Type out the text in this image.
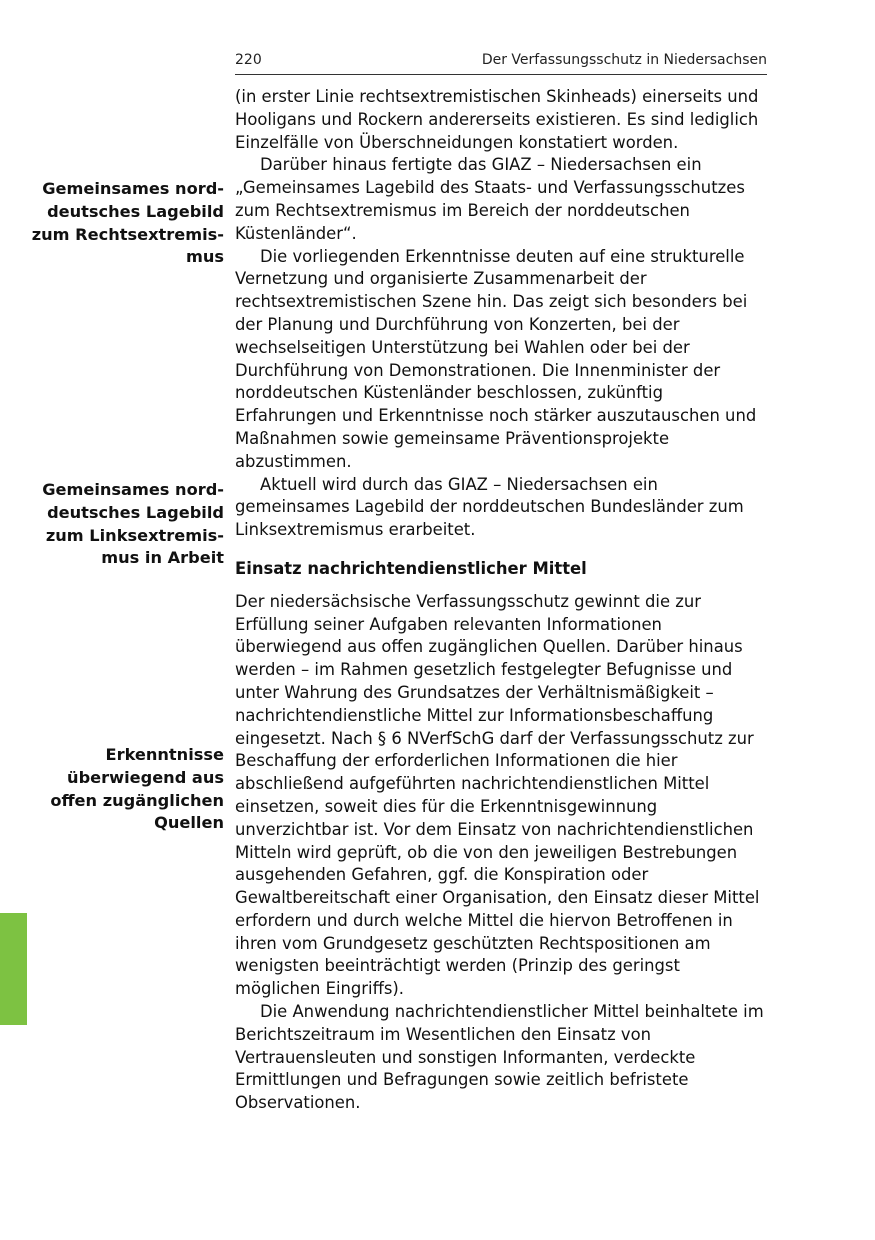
220	Der Verfassungsschutz in Niedersachsen
Gemeinsames nord-
deutsches Lagebild
zum Rechtsextremis-
mus
Gemeinsames nord-
deutsches Lagebild
zum Linksextremis-
mus in Arbeit
Erkenntnisse
überwiegend aus
offen zugänglichen
Quellen

(in erster Linie rechtsextremistischen Skinheads) einerseits und Hooligans und Rockern andererseits existieren. Es sind lediglich Einzelfälle von Überschneidungen konstatiert worden.

Darüber hinaus fertigte das GIAZ – Niedersachsen ein „Gemeinsames Lagebild des Staats- und Verfassungsschutzes zum Rechtsextremismus im Bereich der norddeutschen Küstenländer“.

Die vorliegenden Erkenntnisse deuten auf eine strukturelle Vernetzung und organisierte Zusammenarbeit der rechtsextremistischen Szene hin. Das zeigt sich besonders bei der Planung und Durchführung von Konzerten, bei der wechselseitigen Unterstützung bei Wahlen oder bei der Durchführung von Demonstrationen. Die Innenminister der norddeutschen Küstenländer beschlossen, zukünftig Erfahrungen und Erkenntnisse noch stärker auszutauschen und Maßnahmen sowie gemeinsame Präventionsprojekte abzustimmen.

Aktuell wird durch das GIAZ – Niedersachsen ein gemeinsames Lagebild der norddeutschen Bundesländer zum Linksextremismus erarbeitet.

Einsatz nachrichtendienstlicher Mittel

Der niedersächsische Verfassungsschutz gewinnt die zur Erfüllung seiner Aufgaben relevanten Informationen überwiegend aus offen zugänglichen Quellen. Darüber hinaus werden – im Rahmen gesetzlich festgelegter Befugnisse und unter Wahrung des Grundsatzes der Verhältnismäßigkeit – nachrichtendienstliche Mittel zur Informationsbeschaffung eingesetzt. Nach § 6 NVerfSchG darf der Verfassungsschutz zur Beschaffung der erforderlichen Informationen die hier abschließend aufgeführten nachrichtendienstlichen Mittel einsetzen, soweit dies für die Erkenntnisgewinnung unverzichtbar ist. Vor dem Einsatz von nachrichtendienstlichen Mitteln wird geprüft, ob die von den jeweiligen Bestrebungen ausgehenden Gefahren, ggf. die Konspiration oder Gewaltbereitschaft einer Organisation, den Einsatz dieser Mittel erfordern und durch welche Mittel die hiervon Betroffenen in ihren vom Grundgesetz geschützten Rechtspositionen am wenigsten beeinträchtigt werden (Prinzip des geringst möglichen Eingriffs).

Die Anwendung nachrichtendienstlicher Mittel beinhaltete im Berichtszeitraum im Wesentlichen den Einsatz von Vertrauensleuten und sonstigen Informanten, verdeckte Ermittlungen und Befragungen sowie zeitlich befristete Observationen.
